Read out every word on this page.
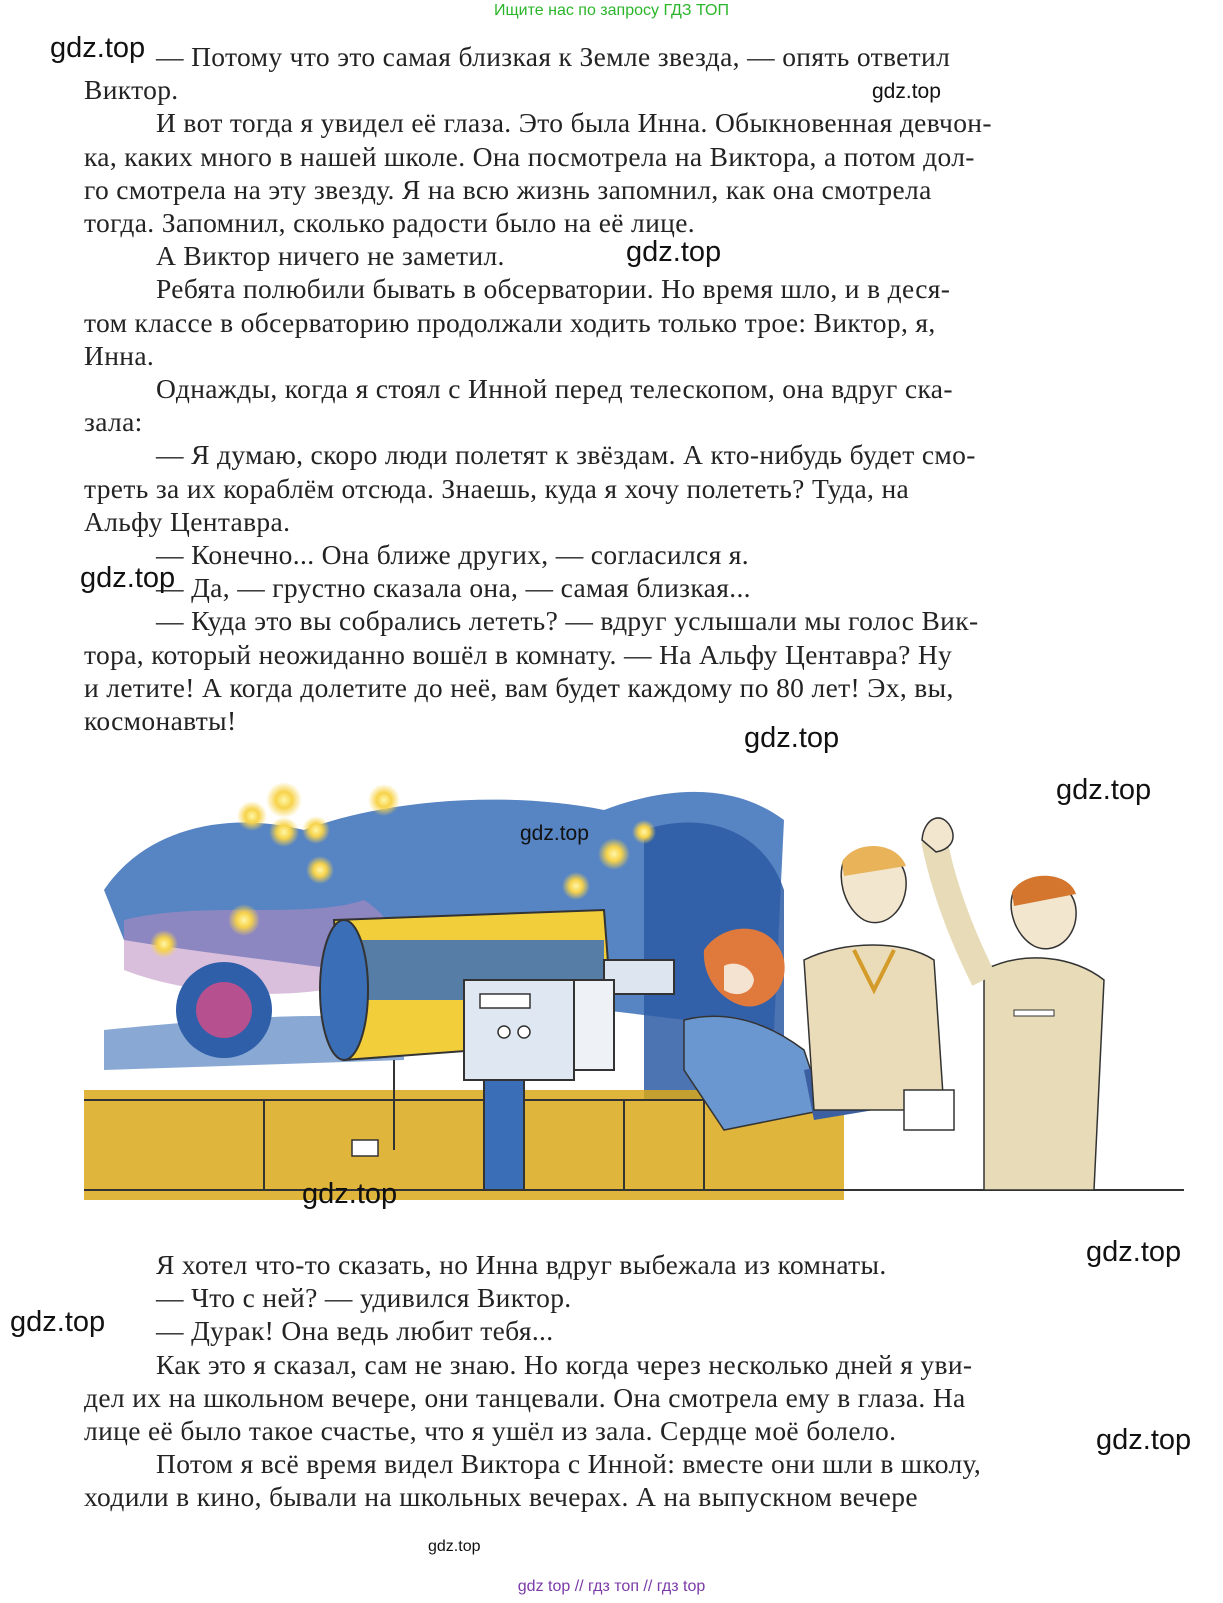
Ищите нас по запросу ГДЗ ТОП

— Потому что это самая близкая к Земле звезда, — опять ответил

Виктор.

И вот тогда я увидел её глаза. Это была Инна. Обыкновенная девчон-

ка, каких много в нашей школе. Она посмотрела на Виктора, а потом дол-

го смотрела на эту звезду. Я на всю жизнь запомнил, как она смотрела

тогда. Запомнил, сколько радости было на её лице.

А Виктор ничего не заметил.

Ребята полюбили бывать в обсерватории. Но время шло, и в деся-

том классе в обсерваторию продолжали ходить только трое: Виктор, я,

Инна.

Однажды, когда я стоял с Инной перед телескопом, она вдруг ска-

зала:

— Я думаю, скоро люди полетят к звёздам. А кто-нибудь будет смо-

треть за их кораблём отсюда. Знаешь, куда я хочу полететь? Туда, на

Альфу Центавра.

— Конечно... Она ближе других, — согласился я.

— Да, — грустно сказала она, — самая близкая...

— Куда это вы собрались лететь? — вдруг услышали мы голос Вик-

тора, который неожиданно вошёл в комнату. — На Альфу Центавра? Ну

и летите! А когда долетите до неё, вам будет каждому по 80 лет! Эх, вы,

космонавты!

Я хотел что-то сказать, но Инна вдруг выбежала из комнаты.

— Что с ней? — удивился Виктор.

— Дурак! Она ведь любит тебя...

Как это я сказал, сам не знаю. Но когда через несколько дней я уви-

дел их на школьном вечере, они танцевали. Она смотрела ему в глаза. На

лице её было такое счастье, что я ушёл из зала. Сердце моё болело.

Потом я всё время видел Виктора с Инной: вместе они шли в школу,

ходили в кино, бывали на школьных вечерах. А на выпускном вечере

gdz.top
gdz.top
gdz.top
gdz.top
gdz.top
gdz.top
gdz.top
gdz.top
gdz.top
gdz.top
gdz.top
gdz.top
gdz top // гдз топ // гдз top
